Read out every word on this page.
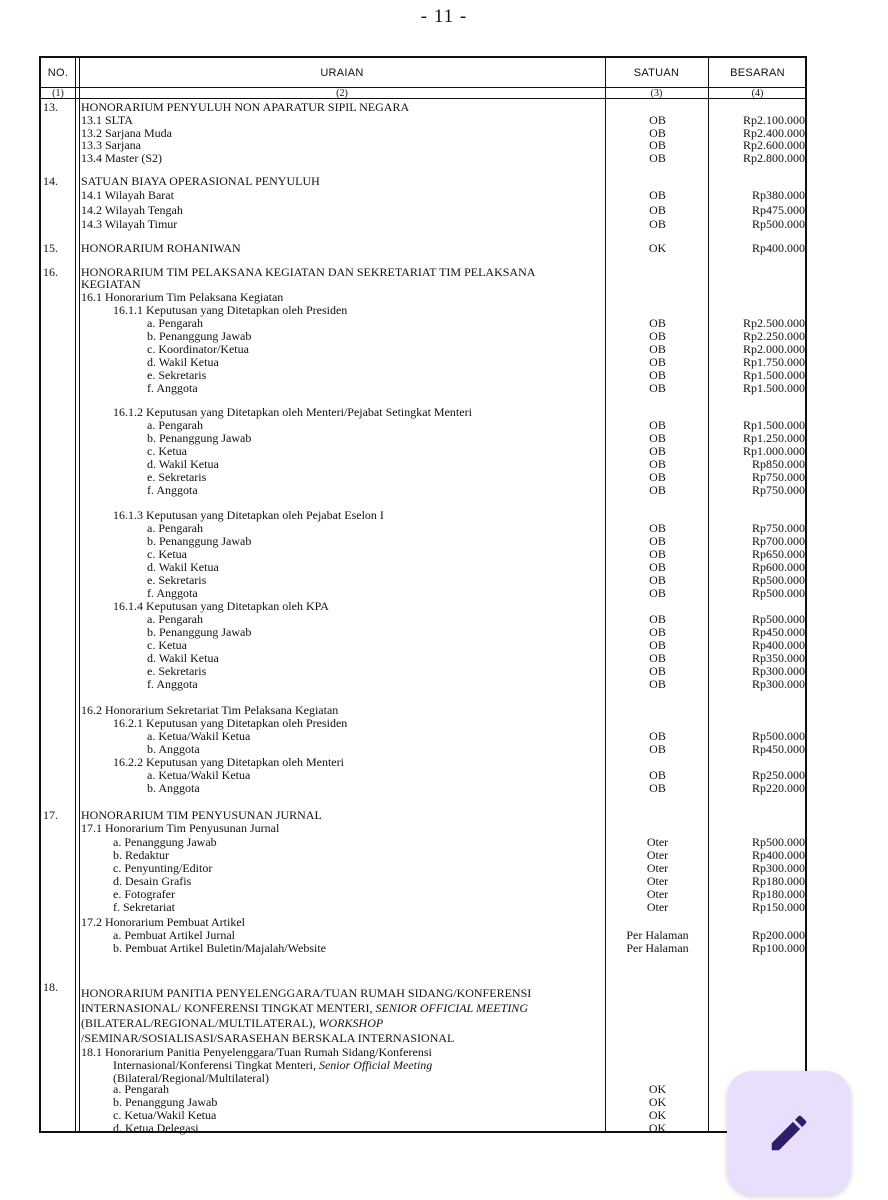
- 11 -
NO.	URAIAN	SATUAN	BESARAN
(1)	(2)	(3)	(4)
13.	HONORARIUM PENYULUH NON APARATUR SIPIL NEGARA
13.1 SLTA	OB	Rp2.100.000
13.2 Sarjana Muda	OB	Rp2.400.000
13.3 Sarjana	OB	Rp2.600.000
13.4 Master (S2)	OB	Rp2.800.000
14.	SATUAN BIAYA OPERASIONAL PENYULUH
14.1 Wilayah Barat	OB	Rp380.000
14.2 Wilayah Tengah	OB	Rp475.000
14.3 Wilayah Timur	OB	Rp500.000
15.	HONORARIUM ROHANIWAN	OK	Rp400.000
16.	HONORARIUM TIM PELAKSANA KEGIATAN DAN SEKRETARIAT TIM PELAKSANA
KEGIATAN
16.1 Honorarium Tim Pelaksana Kegiatan
16.1.1 Keputusan yang Ditetapkan oleh Presiden
a. Pengarah	OB	Rp2.500.000
b. Penanggung Jawab	OB	Rp2.250.000
c. Koordinator/Ketua	OB	Rp2.000.000
d. Wakil Ketua	OB	Rp1.750.000
e. Sekretaris	OB	Rp1.500.000
f. Anggota	OB	Rp1.500.000
16.1.2 Keputusan yang Ditetapkan oleh Menteri/Pejabat Setingkat Menteri
a. Pengarah	OB	Rp1.500.000
b. Penanggung Jawab	OB	Rp1.250.000
c. Ketua	OB	Rp1.000.000
d. Wakil Ketua	OB	Rp850.000
e. Sekretaris	OB	Rp750.000
f. Anggota	OB	Rp750.000
16.1.3 Keputusan yang Ditetapkan oleh Pejabat Eselon I
a. Pengarah	OB	Rp750.000
b. Penanggung Jawab	OB	Rp700.000
c. Ketua	OB	Rp650.000
d. Wakil Ketua	OB	Rp600.000
e. Sekretaris	OB	Rp500.000
f. Anggota	OB	Rp500.000
16.1.4 Keputusan yang Ditetapkan oleh KPA
a. Pengarah	OB	Rp500.000
b. Penanggung Jawab	OB	Rp450.000
c. Ketua	OB	Rp400.000
d. Wakil Ketua	OB	Rp350.000
e. Sekretaris	OB	Rp300.000
f. Anggota	OB	Rp300.000
16.2 Honorarium Sekretariat Tim Pelaksana Kegiatan
16.2.1 Keputusan yang Ditetapkan oleh Presiden
a. Ketua/Wakil Ketua	OB	Rp500.000
b. Anggota	OB	Rp450.000
16.2.2 Keputusan yang Ditetapkan oleh Menteri
a. Ketua/Wakil Ketua	OB	Rp250.000
b. Anggota	OB	Rp220.000
17.	HONORARIUM TIM PENYUSUNAN JURNAL
17.1 Honorarium Tim Penyusunan Jurnal
a. Penanggung Jawab	Oter	Rp500.000
b. Redaktur	Oter	Rp400.000
c. Penyunting/Editor	Oter	Rp300.000
d. Desain Grafis	Oter	Rp180.000
e. Fotografer	Oter	Rp180.000
f. Sekretariat	Oter	Rp150.000
17.2 Honorarium Pembuat Artikel
a. Pembuat Artikel Jurnal	Per Halaman	Rp200.000
b. Pembuat Artikel Buletin/Majalah/Website	Per Halaman	Rp100.000
18.	HONORARIUM PANITIA PENYELENGGARA/TUAN RUMAH SIDANG/KONFERENSI
INTERNASIONAL/ KONFERENSI TINGKAT MENTERI, SENIOR OFFICIAL MEETING
(BILATERAL/REGIONAL/MULTILATERAL), WORKSHOP
/SEMINAR/SOSIALISASI/SARASEHAN BERSKALA INTERNASIONAL
18.1 Honorarium Panitia Penyelenggara/Tuan Rumah Sidang/Konferensi
Internasional/Konferensi Tingkat Menteri, Senior Official Meeting
(Bilateral/Regional/Multilateral)
a. Pengarah	OK
b. Penanggung Jawab	OK
c. Ketua/Wakil Ketua	OK
d. Ketua Delegasi	OK
